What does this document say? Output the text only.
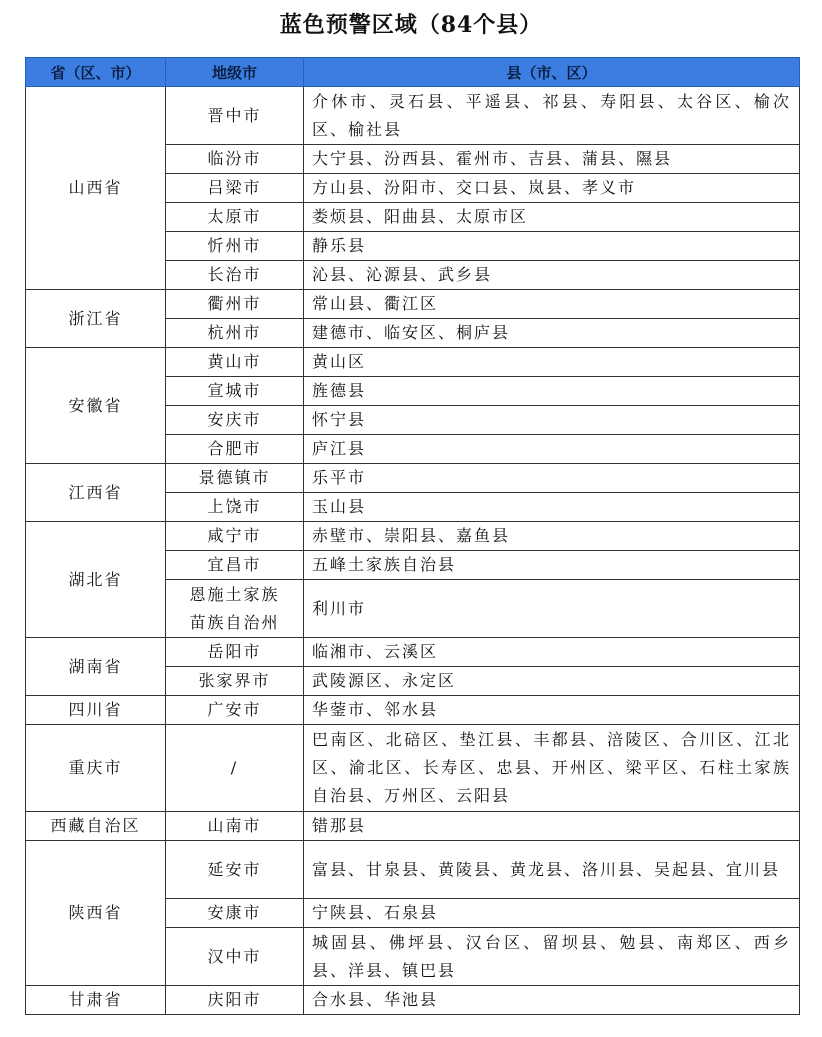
蓝色预警区域（84个县）
省（区、市）	地级市	县（市、区）
山西省	晋中市	介休市、灵石县、平遥县、祁县、寿阳县、太谷区、榆次区、榆社县
	临汾市	大宁县、汾西县、霍州市、吉县、蒲县、隰县
	吕梁市	方山县、汾阳市、交口县、岚县、孝义市
	太原市	娄烦县、阳曲县、太原市区
	忻州市	静乐县
	长治市	沁县、沁源县、武乡县
浙江省	衢州市	常山县、衢江区
	杭州市	建德市、临安区、桐庐县
安徽省	黄山市	黄山区
	宣城市	旌德县
	安庆市	怀宁县
	合肥市	庐江县
江西省	景德镇市	乐平市
	上饶市	玉山县
湖北省	咸宁市	赤壁市、崇阳县、嘉鱼县
	宜昌市	五峰土家族自治县
	恩施土家族苗族自治州	利川市
湖南省	岳阳市	临湘市、云溪区
	张家界市	武陵源区、永定区
四川省	广安市	华蓥市、邻水县
重庆市	/	巴南区、北碚区、垫江县、丰都县、涪陵区、合川区、江北区、渝北区、长寿区、忠县、开州区、梁平区、石柱土家族自治县、万州区、云阳县
西藏自治区	山南市	错那县
陕西省	延安市	富县、甘泉县、黄陵县、黄龙县、洛川县、吴起县、宜川县
	安康市	宁陕县、石泉县
	汉中市	城固县、佛坪县、汉台区、留坝县、勉县、南郑区、西乡县、洋县、镇巴县
甘肃省	庆阳市	合水县、华池县
